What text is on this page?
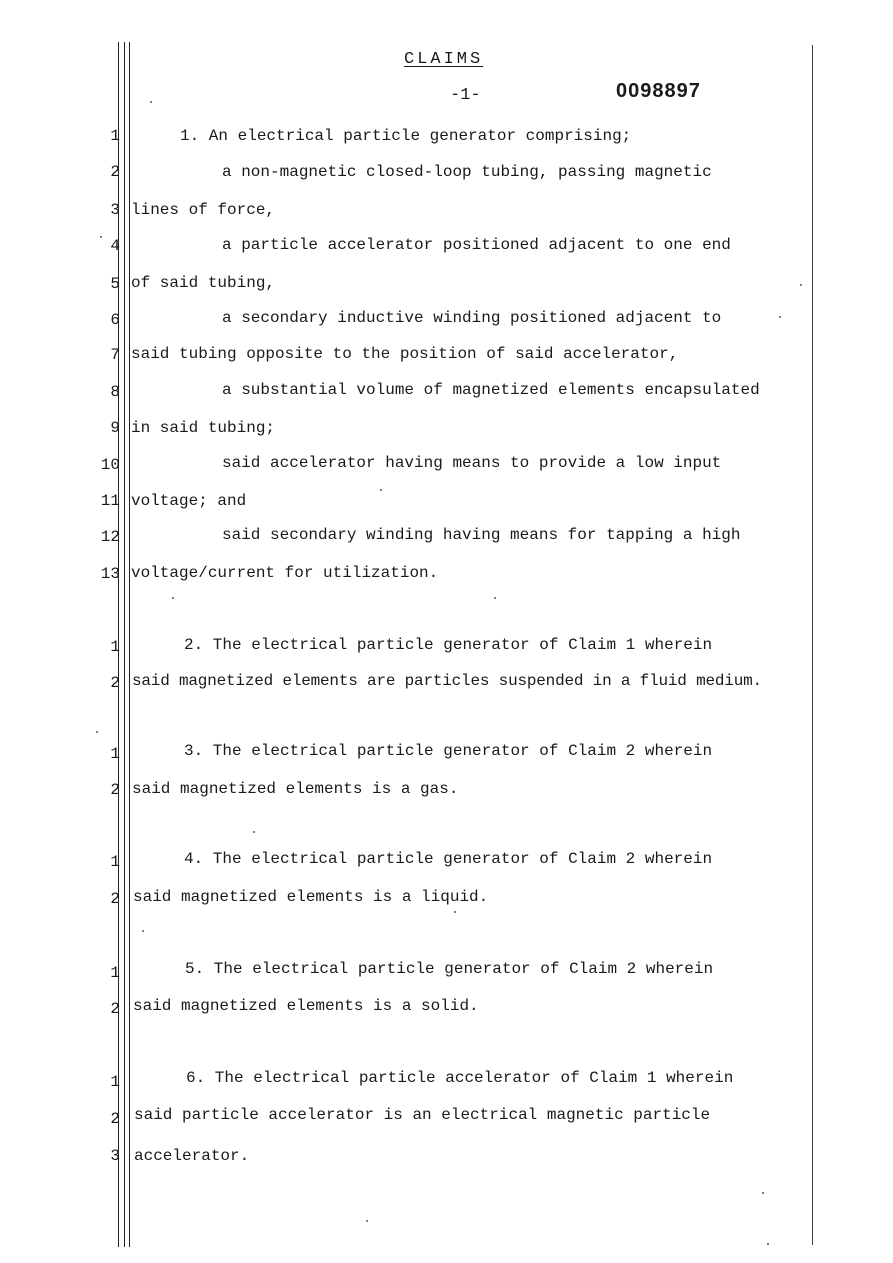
CLAIMS
-1-	0098897
1	1. An electrical particle generator comprising;
2	a non-magnetic closed-loop tubing, passing magnetic
3 lines of force,
4	a particle accelerator positioned adjacent to one end
5 of said tubing,
6	a secondary inductive winding positioned adjacent to
7 said tubing opposite to the position of said accelerator,
8	a substantial volume of magnetized elements encapsulated
9 in said tubing;
10	said accelerator having means to provide a low input
11 voltage; and
12	said secondary winding having means for tapping a high
13 voltage/current for utilization.
1	2. The electrical particle generator of Claim 1 wherein
2 said magnetized elements are particles suspended in a fluid medium.
1	3. The electrical particle generator of Claim 2 wherein
2 said magnetized elements is a gas.
1	4. The electrical particle generator of Claim 2 wherein
2 said magnetized elements is a liquid.
1	5. The electrical particle generator of Claim 2 wherein
2 said magnetized elements is a solid.
1	6. The electrical particle accelerator of Claim 1 wherein
2 said particle accelerator is an electrical magnetic particle
3 accelerator.
